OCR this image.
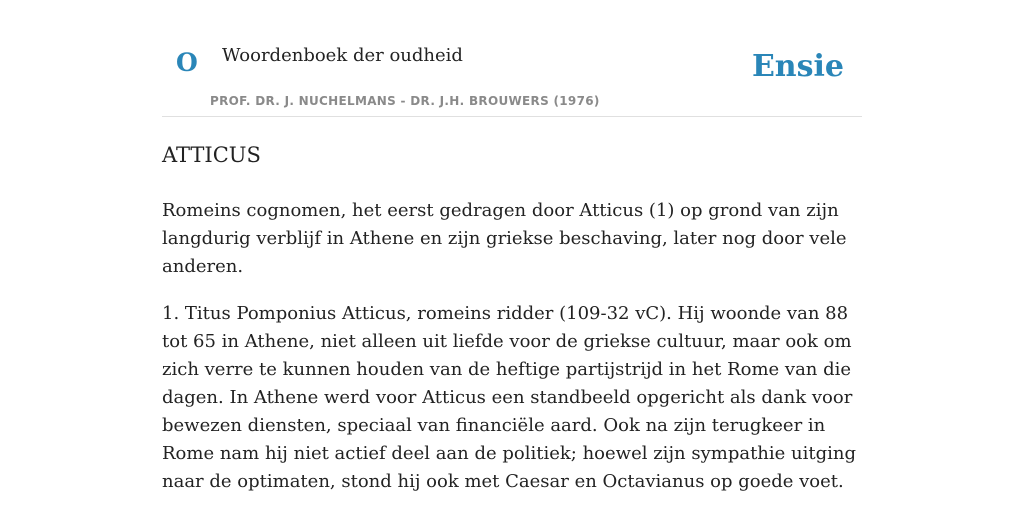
O Woordenboek der oudheid
PROF. DR. J. NUCHELMANS - DR. J.H. BROUWERS (1976)
Ensie
ATTICUS

Romeins cognomen, het eerst gedragen door Atticus (1) op grond van zijn langdurig verblijf in Athene en zijn griekse beschaving, later nog door vele anderen.

1. Titus Pomponius Atticus, romeins ridder (109-32 vC). Hij woonde van 88 tot 65 in Athene, niet alleen uit liefde voor de griekse cultuur, maar ook om zich verre te kunnen houden van de heftige partijstrijd in het Rome van die dagen. In Athene werd voor Atticus een standbeeld opgericht als dank voor bewezen diensten, speciaal van financiële aard. Ook na zijn terugkeer in Rome nam hij niet actief deel aan de politiek; hoewel zijn sympathie uitging naar de optimaten, stond hij ook met Caesar en Octavianus op goede voet.
